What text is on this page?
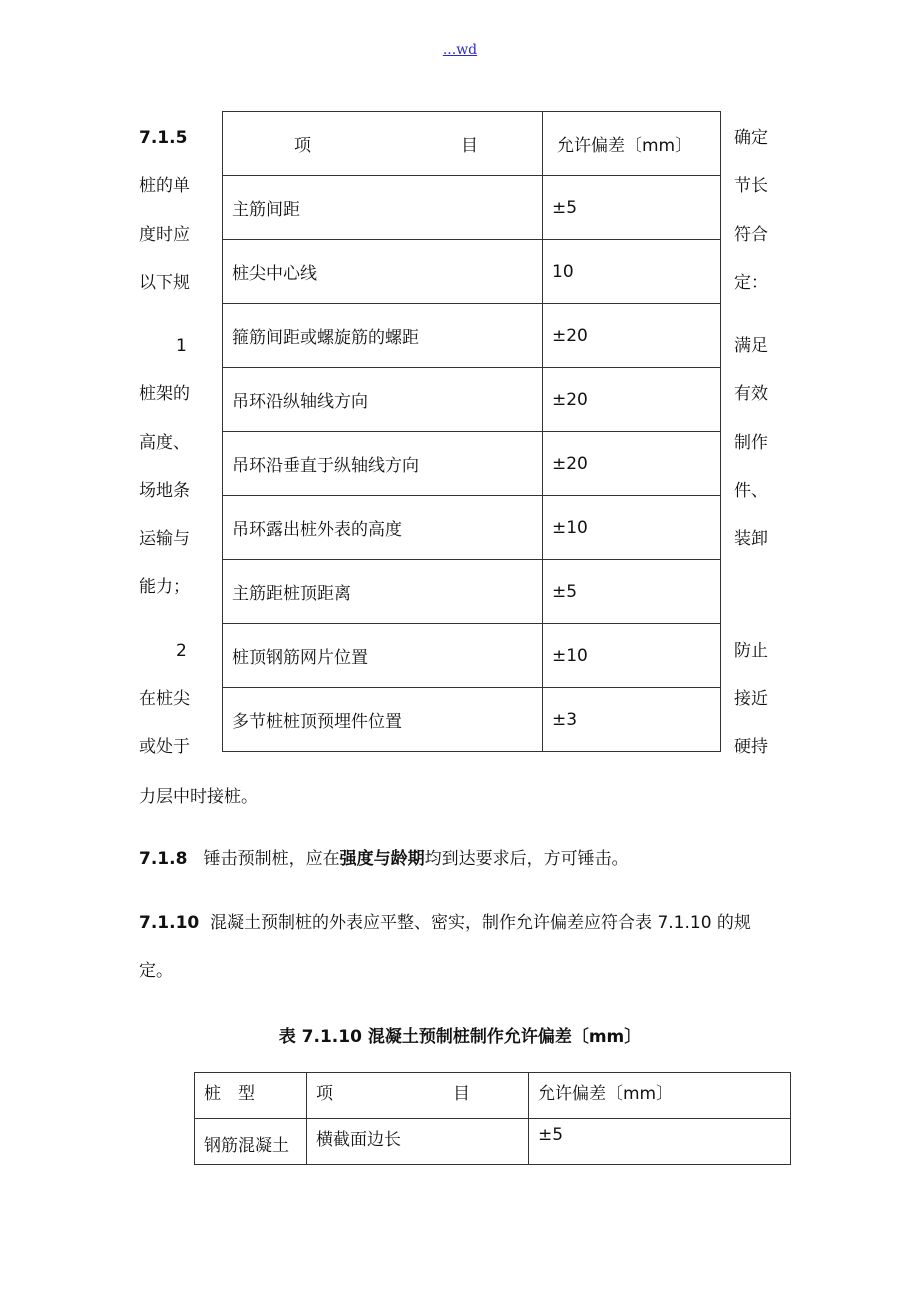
...wd
7.1.5
桩的单
度时应
以下规
1
桩架的
高度、
场地条
运输与
能力；
2
在桩尖
或处于
确定
节长
符合
定：
满足
有效
制作
件、
装卸
防止
接近
硬持
项 目	允许偏差〔mm〕
主筋间距	±5
桩尖中心线	10
箍筋间距或螺旋筋的螺距	±20
吊环沿纵轴线方向	±20
吊环沿垂直于纵轴线方向	±20
吊环露出桩外表的高度	±10
主筋距桩顶距离	±5
桩顶钢筋网片位置	±10
多节桩桩顶预埋件位置	±3
力层中时接桩。
7.1.8 锤击预制桩，应在强度与龄期均到达要求后，方可锤击。
7.1.10 混凝土预制桩的外表应平整、密实，制作允许偏差应符合表 7.1.10 的规
定。
表 7.1.10 混凝土预制桩制作允许偏差〔mm〕
桩　型	项 目	允许偏差〔mm〕
钢筋混凝土	横截面边长	±5
